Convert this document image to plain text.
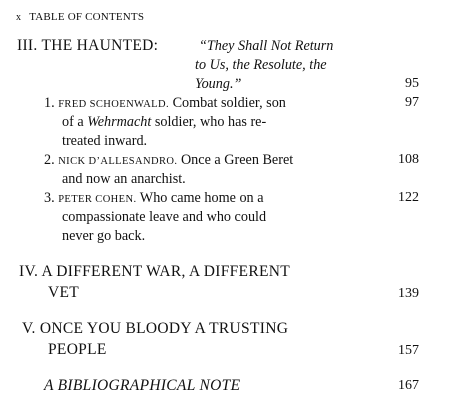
x TABLE OF CONTENTS
III. THE HAUNTED:	“They Shall Not Return
to Us, the Resolute, the
Young.”	95
1. FRED SCHOENWALD. Combat soldier, son	97
of a Wehrmacht soldier, who has re-
treated inward.
2. NICK D’ALLESANDRO. Once a Green Beret	108
and now an anarchist.
3. PETER COHEN. Who came home on a	122
compassionate leave and who could
never go back.
IV. A DIFFERENT WAR, A DIFFERENT
VET	139
V. ONCE YOU BLOODY A TRUSTING
PEOPLE	157
A BIBLIOGRAPHICAL NOTE	167
